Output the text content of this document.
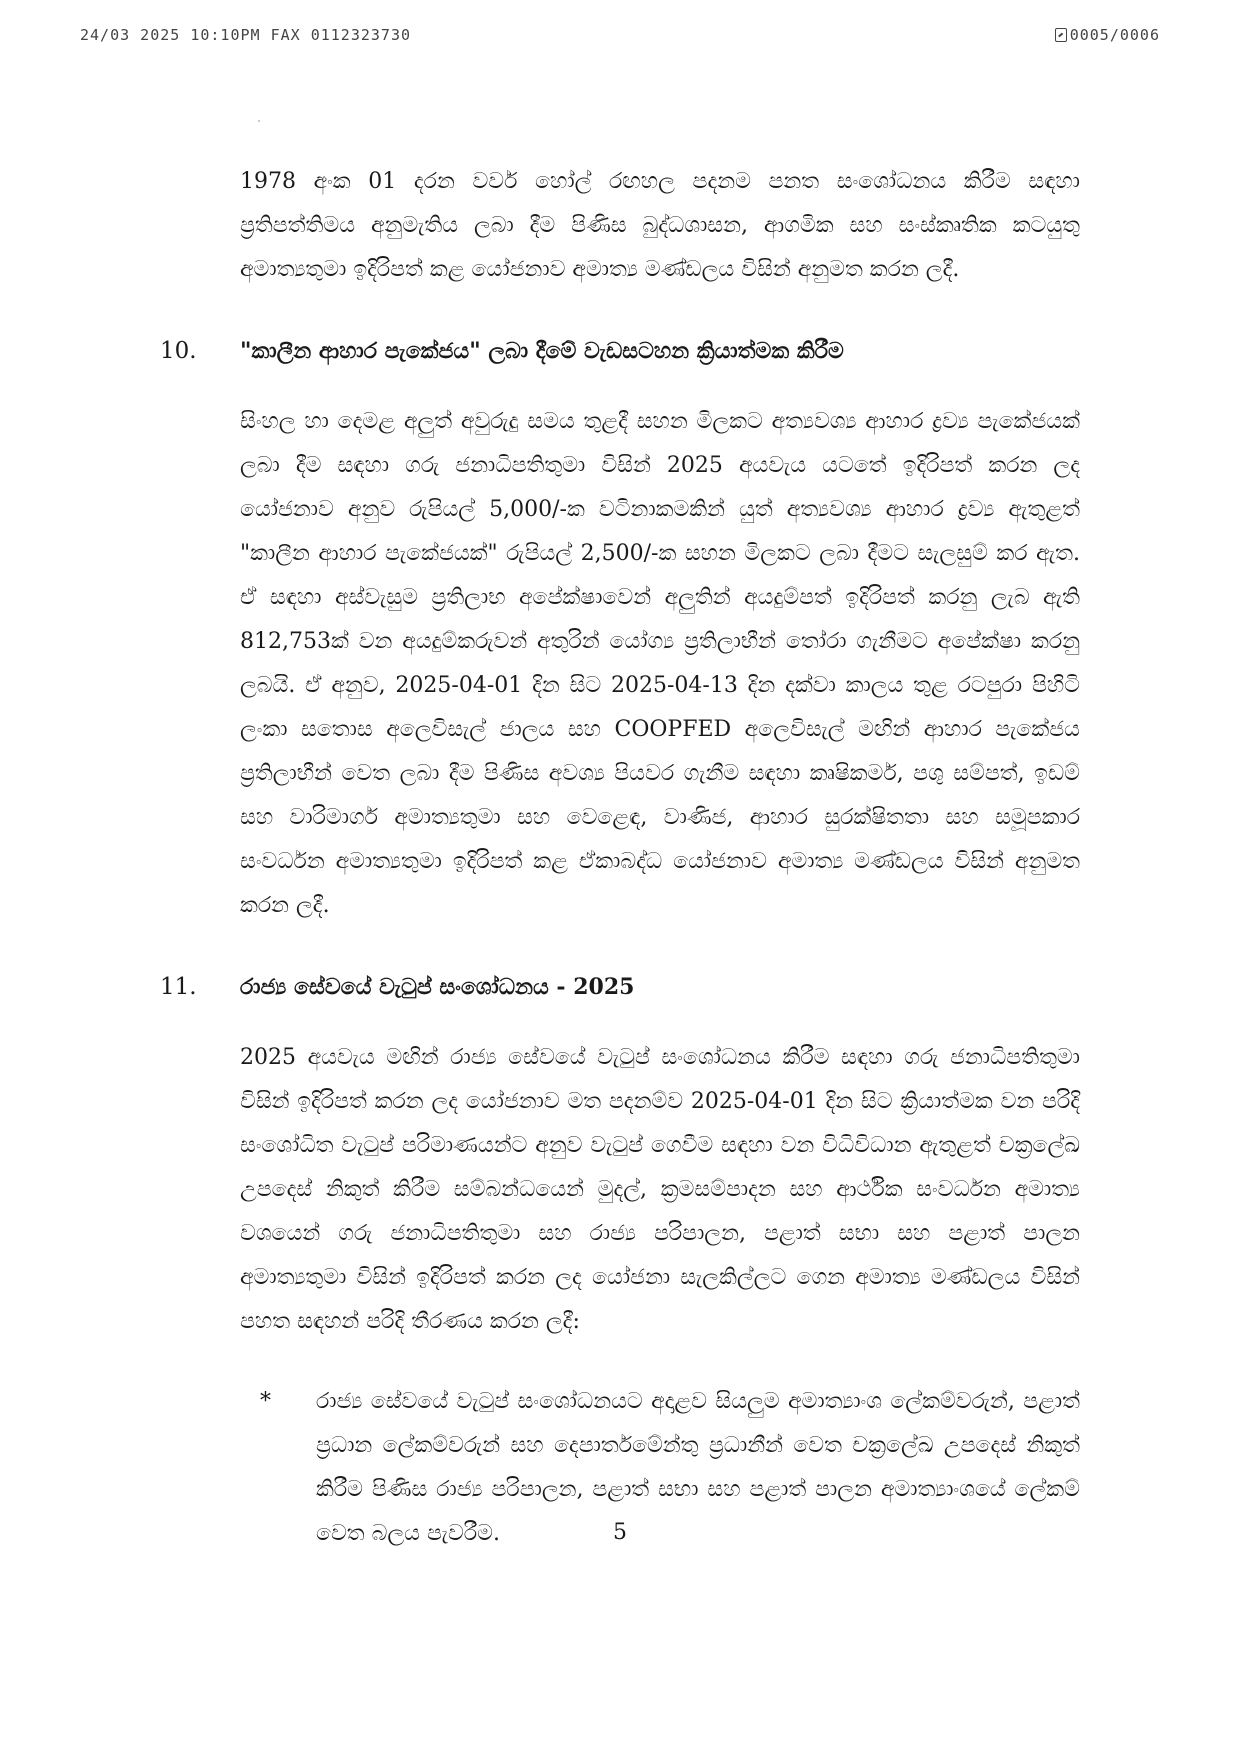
24/03 2025 10:10PM FAX 0112323730	0005/0006

1978 අංක 01 දරන වවර් හෝල් රඟහල පදනම පනත සංශෝධනය කිරීම සඳහා ප්‍රතිපත්තිමය අනුමැතිය ලබා දීම පිණිස බුද්ධශාසන, ආගමික සහ සංස්කෘතික කටයුතු අමාත්‍යතුමා ඉදිරිපත් කළ යෝජනාව අමාත්‍ය මණ්ඩලය විසින් අනුමත කරන ලදී.

10.	"කාලීන ආහාර පැකේජය" ලබා දීමේ වැඩසටහන ක්‍රියාත්මක කිරීම

සිංහල හා දෙමළ අලුත් අවුරුදු සමය තුළදී සහන මිලකට අත්‍යවශ්‍ය ආහාර ද්‍රව්‍ය පැකේජයක් ලබා දීම සඳහා ගරු ජනාධිපතිතුමා විසින් 2025 අයවැය යටතේ ඉදිරිපත් කරන ලද යෝජනාව අනුව රුපියල් 5,000/-ක වටිනාකමකින් යුත් අත්‍යවශ්‍ය ආහාර ද්‍රව්‍ය ඇතුළත් "කාලීන ආහාර පැකේජයක්" රුපියල් 2,500/-ක සහන මිලකට ලබා දීමට සැලසුම් කර ඇත. ඒ සඳහා අස්වැසුම ප්‍රතිලාභ අපේක්ෂාවෙන් අලුතින් අයදුම්පත් ඉදිරිපත් කරනු ලැබ ඇති 812,753ක් වන අයදුම්කරුවන් අතුරින් යෝග්‍ය ප්‍රතිලාභීන් තෝරා ගැනීමට අපේක්ෂා කරනු ලබයි. ඒ අනුව, 2025-04-01 දින සිට 2025-04-13 දින දක්වා කාලය තුළ රටපුරා පිහිටි ලංකා සතොස අලෙවිසැල් ජාලය සහ COOPFED අලෙවිසැල් මඟින් ආහාර පැකේජය ප්‍රතිලාභීන් වෙත ලබා දීම පිණිස අවශ්‍ය පියවර ගැනීම සඳහා කෘෂිකර්ම, පශු සම්පත්, ඉඩම් සහ වාරිමාර්ග අමාත්‍යතුමා සහ වෙළෙඳ, වාණිජ, ආහාර සුරක්ෂිතතා සහ සමූපකාර සංවර්ධන අමාත්‍යතුමා ඉදිරිපත් කළ ඒකාබද්ධ යෝජනාව අමාත්‍ය මණ්ඩලය විසින් අනුමත කරන ලදී.

11.	රාජ්‍ය සේවයේ වැටුප් සංශෝධනය - 2025

2025 අයවැය මඟින් රාජ්‍ය සේවයේ වැටුප් සංශෝධනය කිරීම සඳහා ගරු ජනාධිපතිතුමා විසින් ඉදිරිපත් කරන ලද යෝජනාව මත පදනම්ව 2025-04-01 දින සිට ක්‍රියාත්මක වන පරිදි සංශෝධිත වැටුප් පරිමාණයන්ට අනුව වැටුප් ගෙවීම සඳහා වන විධිවිධාන ඇතුළත් චක්‍රලේඛ උපදෙස් නිකුත් කිරීම සම්බන්ධයෙන් මුදල්, ක්‍රමසම්පාදන සහ ආර්ථික සංවර්ධන අමාත්‍ය වශයෙන් ගරු ජනාධිපතිතුමා සහ රාජ්‍ය පරිපාලන, පළාත් සභා සහ පළාත් පාලන අමාත්‍යතුමා විසින් ඉදිරිපත් කරන ලද යෝජනා සැලකිල්ලට ගෙන අමාත්‍ය මණ්ඩලය විසින් පහත සඳහන් පරිදි තීරණය කරන ලදී:

*	රාජ්‍ය සේවයේ වැටුප් සංශෝධනයට අදාළව සියලුම අමාත්‍යාංශ ලේකම්වරුන්, පළාත් ප්‍රධාන ලේකම්වරුන් සහ දෙපාර්තමේන්තු ප්‍රධානීන් වෙත චක්‍රලේඛ උපදෙස් නිකුත් කිරීම පිණිස රාජ්‍ය පරිපාලන, පළාත් සභා සහ පළාත් පාලන අමාත්‍යාංශයේ ලේකම් වෙත බලය පැවරීම.	5
